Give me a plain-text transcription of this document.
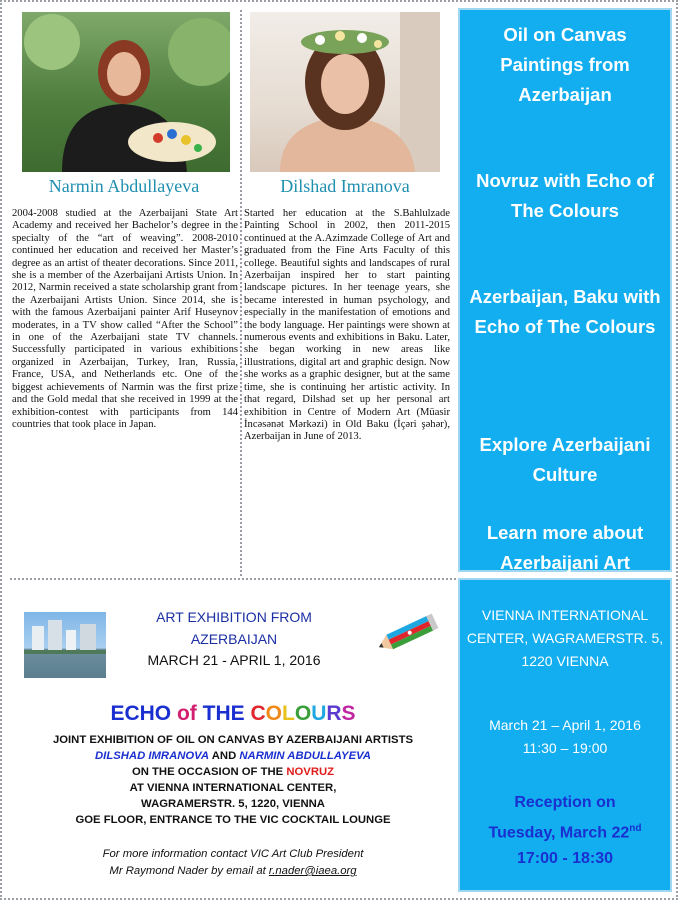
Narmin Abdullayeva	Dilshad Imranova
2004-2008 studied at the Azerbaijani State Art Academy and received her Bachelor’s degree in the specialty of the “art of weaving”. 2008-2010 continued her education and received her Master’s degree as an artist of theater decorations. Since 2011, she is a member of the Azerbaijani Artists Union. In 2012, Narmin received a state scholarship grant from the Azerbaijani Artists Union. Since 2014, she is with the famous Azerbaijani painter Arif Huseynov moderates, in a TV show called “After the School” in one of the Azerbaijani state TV channels. Successfully participated in various exhibitions organized in Azerbaijan, Turkey, Iran, Russia, France, USA, and Netherlands etc. One of the biggest achievements of Narmin was the first prize and the Gold medal that she received in 1999 at the exhibition-contest with participants from 144 countries that took place in Japan.
Started her education at the S.Bahlulzade Painting School in 2002, then 2011-2015 continued at the A.Azimzade College of Art and graduated from the Fine Arts Faculty of this college. Beautiful sights and landscapes of rural Azerbaijan inspired her to start painting landscape pictures. In her teenage years, she became interested in human psychology, and especially in the manifestation of emotions and the body language. Her paintings were shown at numerous events and exhibitions in Baku. Later, she began working in new areas like illustrations, digital art and graphic design. Now she works as a graphic designer, but at the same time, she is continuing her artistic activity. In that regard, Dilshad set up her personal art exhibition in Centre of Modern Art (Müasir İncəsənət Mərkəzi) in Old Baku (İçəri şəhər), Azerbaijan in June of 2013.
Oil on Canvas Paintings from Azerbaijan
Novruz with Echo of The Colours
Azerbaijan, Baku with Echo of The Colours
Explore Azerbaijani Culture
Learn more about Azerbaijani Art
VIENNA INTERNATIONAL CENTER, WAGRAMERSTR. 5, 1220 VIENNA
March 21 – April 1, 2016
11:30 – 19:00
Reception on
Tuesday, March 22nd
17:00 - 18:30
ART EXHIBITION FROM AZERBAIJAN
MARCH 21 - APRIL 1, 2016
ECHO of THE COLOURS
JOINT EXHIBITION OF OIL ON CANVAS BY AZERBAIJANI ARTISTS
DILSHAD IMRANOVA AND NARMIN ABDULLAYEVA
ON THE OCCASION OF THE NOVRUZ
AT VIENNA INTERNATIONAL CENTER,
WAGRAMERSTR. 5, 1220, VIENNA
GOE FLOOR, ENTRANCE TO THE VIC COCKTAIL LOUNGE
For more information contact VIC Art Club President
Mr Raymond Nader by email at r.nader@iaea.org
